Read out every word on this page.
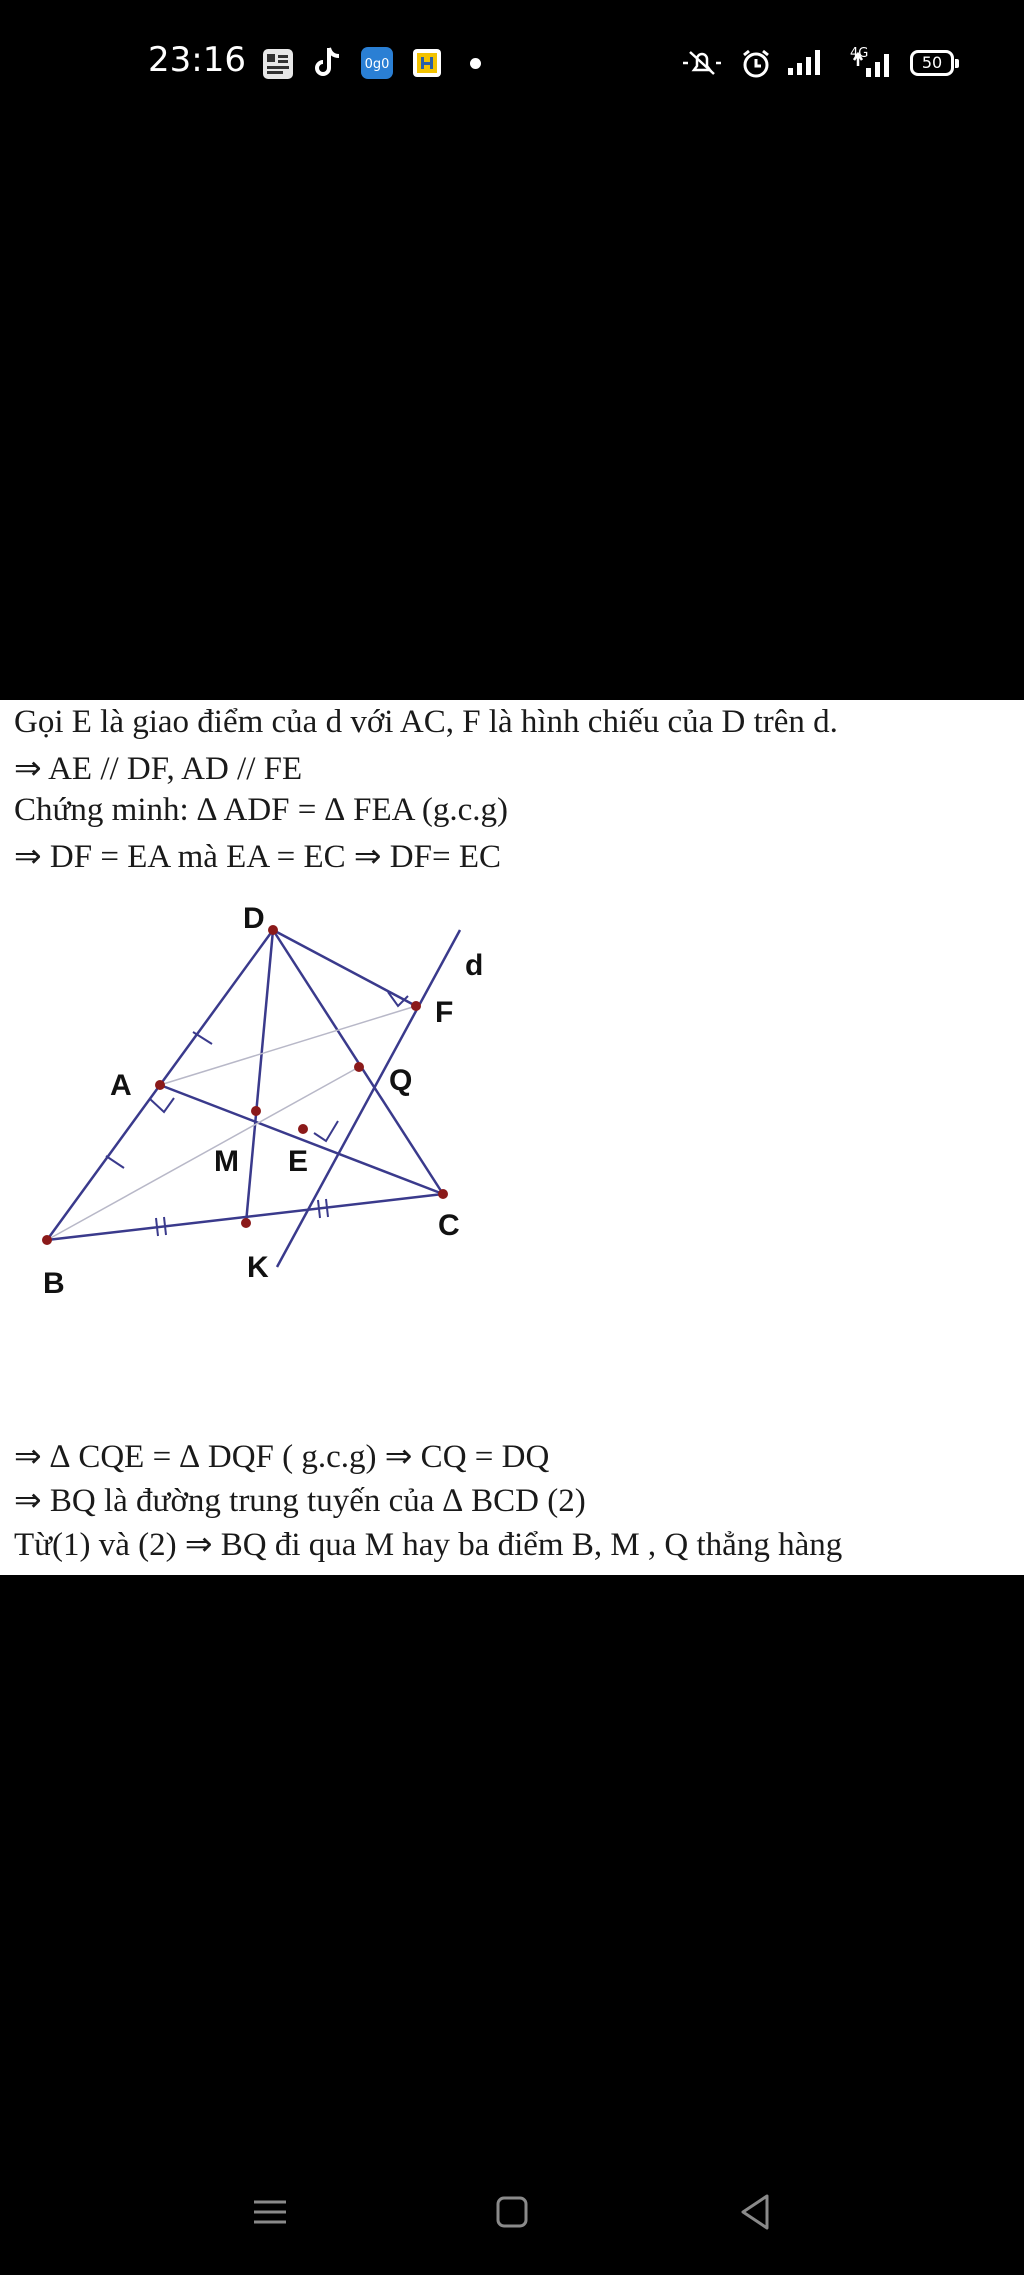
23:16	0g0
4G	50
Gọi E là giao điểm của d với AC, F là hình chiếu của D trên d.
⇒ AE // DF, AD // FE
Chứng minh: ∆ ADF = ∆ FEA (g.c.g)
⇒ DF = EA mà EA = EC ⇒ DF= EC
D
d
F
A	Q
M E
C
B	K
⇒ ∆ CQE = ∆ DQF ( g.c.g) ⇒ CQ = DQ
⇒ BQ là đường trung tuyến của ∆ BCD (2)
Từ(1) và (2) ⇒ BQ đi qua M hay ba điểm B, M , Q thẳng hàng
